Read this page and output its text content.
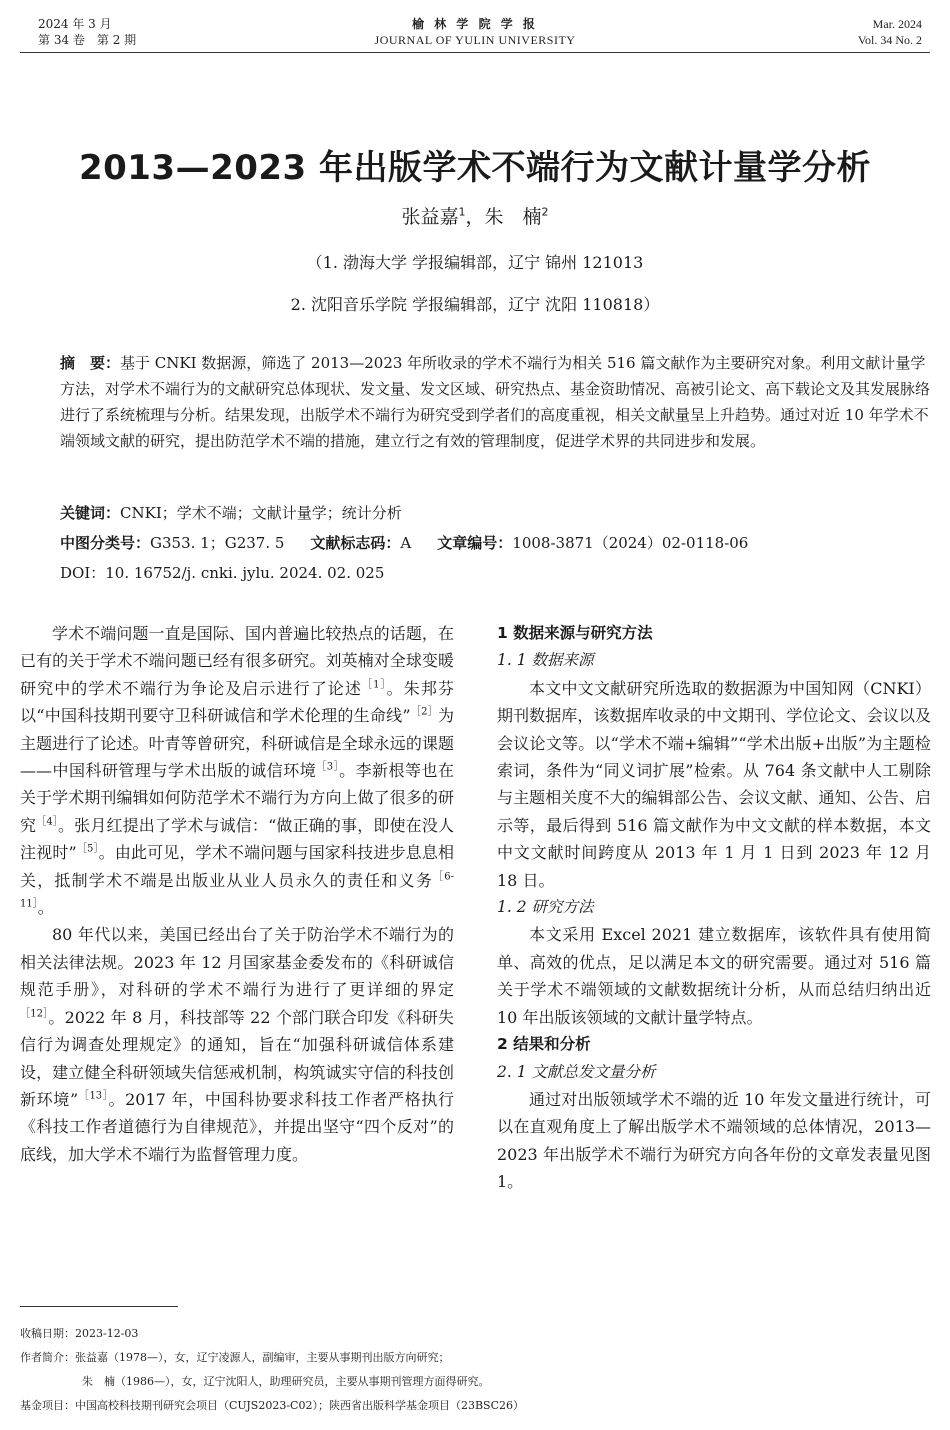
2024 年 3 月
第 34 卷　第 2 期
榆 林 学 院 学 报
JOURNAL OF YULIN UNIVERSITY
Mar. 2024
Vol. 34 No. 2
2013—2023 年出版学术不端行为文献计量学分析
张益嘉$^1$，朱　楠$^2$
（1. 渤海大学 学报编辑部，辽宁 锦州 121013
2. 沈阳音乐学院 学报编辑部，辽宁 沈阳 110818）
摘　要：基于 CNKI 数据源，筛选了 2013—2023 年所收录的学术不端行为相关 516 篇文献作为主要研究对象。利用文献计量学方法，对学术不端行为的文献研究总体现状、发文量、发文区域、研究热点、基金资助情况、高被引论文、高下载论文及其发展脉络进行了系统梳理与分析。结果发现，出版学术不端行为研究受到学者们的高度重视，相关文献量呈上升趋势。通过对近 10 年学术不端领域文献的研究，提出防范学术不端的措施，建立行之有效的管理制度，促进学术界的共同进步和发展。
关键词：CNKI；学术不端；文献计量学；统计分析
中图分类号：G353. 1；G237. 5 文献标志码：A 文章编号：1008-3871（2024）02-0118-06
DOI：10. 16752/j. cnki. jylu. 2024. 02. 025

学术不端问题一直是国际、国内普遍比较热点的话题，在已有的关于学术不端问题已经有很多研究。刘英楠对全球变暖研究中的学术不端行为争论及启示进行了论述$^{[1]}$。朱邦芬以“中国科技期刊要守卫科研诚信和学术伦理的生命线”$^{[2]}$为主题进行了论述。叶青等曾研究，科研诚信是全球永远的课题——中国科研管理与学术出版的诚信环境$^{[3]}$。李新根等也在关于学术期刊编辑如何防范学术不端行为方向上做了很多的研究$^{[4]}$。张月红提出了学术与诚信：“做正确的事，即使在没人注视时”$^{[5]}$。由此可见，学术不端问题与国家科技进步息息相关，抵制学术不端是出版业从业人员永久的责任和义务$^{[6-11]}$。

80 年代以来，美国已经出台了关于防治学术不端行为的相关法律法规。2023 年 12 月国家基金委发布的《科研诚信规范手册》，对科研的学术不端行为进行了更详细的界定$^{[12]}$。2022 年 8 月，科技部等 22 个部门联合印发《科研失信行为调查处理规定》的通知，旨在“加强科研诚信体系建设，建立健全科研领域失信惩戒机制，构筑诚实守信的科技创新环境”$^{[13]}$。2017 年，中国科协要求科技工作者严格执行《科技工作者道德行为自律规范》，并提出坚守“四个反对”的底线，加大学术不端行为监督管理力度。

1 数据来源与研究方法
1. 1 数据来源

本文中文文献研究所选取的数据源为中国知网（CNKI）期刊数据库，该数据库收录的中文期刊、学位论文、会议以及会议论文等。以“学术不端+编辑”“学术出版+出版”为主题检索词，条件为“同义词扩展”检索。从 764 条文献中人工剔除与主题相关度不大的编辑部公告、会议文献、通知、公告、启示等，最后得到 516 篇文献作为中文文献的样本数据，本文中文文献时间跨度从 2013 年 1 月 1 日到 2023 年 12 月 18 日。

1. 2 研究方法

本文采用 Excel 2021 建立数据库，该软件具有使用简单、高效的优点，足以满足本文的研究需要。通过对 516 篇关于学术不端领域的文献数据统计分析，从而总结归纳出近 10 年出版该领域的文献计量学特点。

2 结果和分析
2. 1 文献总发文量分析

通过对出版领域学术不端的近 10 年发文量进行统计，可以在直观角度上了解出版学术不端领域的总体情况，2013—2023 年出版学术不端行为研究方向各年份的文章发表量见图 1。

收稿日期：2023-12-03
作者简介：张益嘉（1978—），女，辽宁凌源人，副编审，主要从事期刊出版方向研究；
朱　楠（1986—），女，辽宁沈阳人，助理研究员，主要从事期刊管理方面得研究。
基金项目：中国高校科技期刊研究会项目（CUJS2023-C02）；陕西省出版科学基金项目（23BSC26）
